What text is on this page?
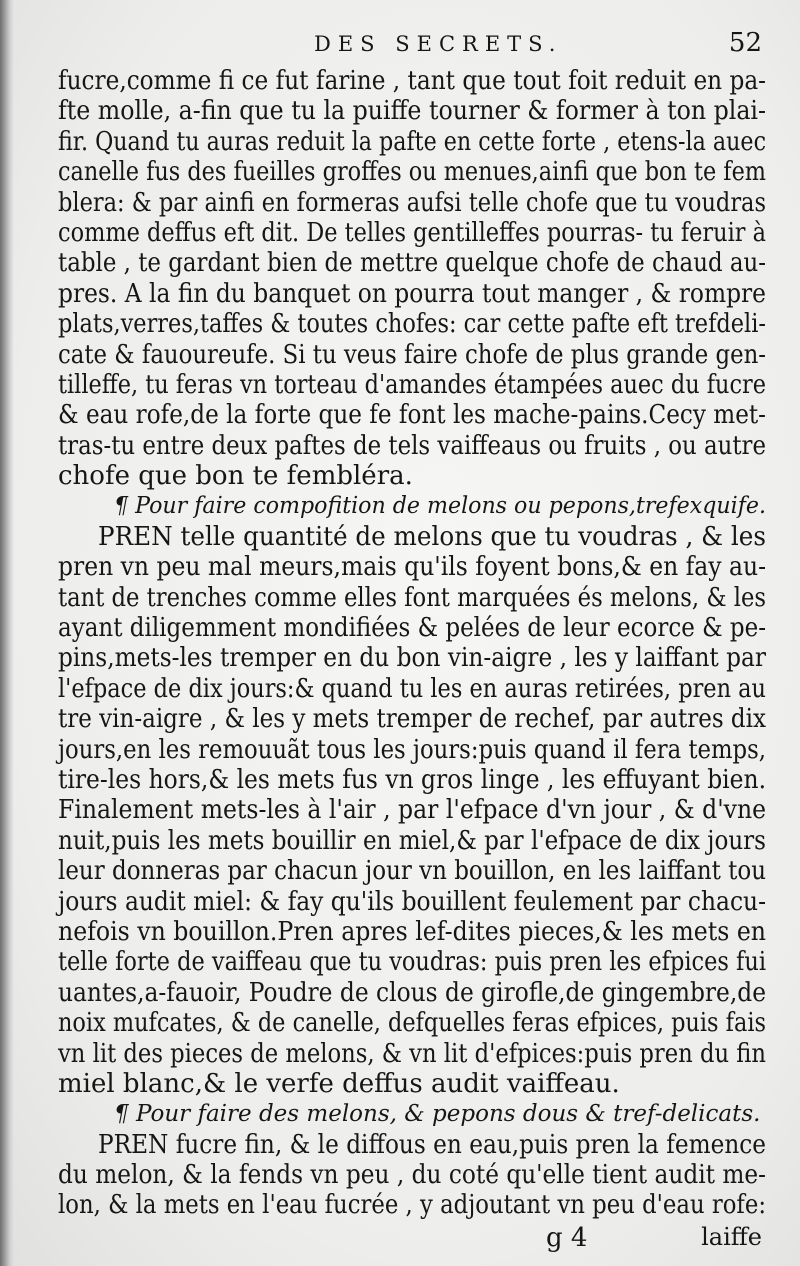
DES SECRETS.	52
fucre,comme fi ce fut farine , tant que tout foit reduit en pa-
fte molle, a-fin que tu la puiffe tourner & former à ton plai-
fir. Quand tu auras reduit la pafte en cette forte , etens-la auec
canelle fus des fueilles groffes ou menues,ainfi que bon te fem
blera: & par ainfi en formeras aufsi telle chofe que tu voudras
comme deffus eft dit. De telles gentilleffes pourras- tu feruir à
table , te gardant bien de mettre quelque chofe de chaud au-
pres. A la fin du banquet on pourra tout manger , & rompre
plats,verres,taffes & toutes chofes: car cette pafte eft trefdeli-
cate & fauoureufe. Si tu veus faire chofe de plus grande gen-
tilleffe, tu feras vn torteau d'amandes étampées auec du fucre
& eau rofe,de la forte que fe font les mache-pains.Cecy met-
tras-tu entre deux paftes de tels vaiffeaus ou fruits , ou autre
chofe que bon te fembléra.
¶ Pour faire compofition de melons ou pepons,trefexquife.
PREN telle quantité de melons que tu voudras , & les
pren vn peu mal meurs,mais qu'ils foyent bons,& en fay au-
tant de trenches comme elles font marquées és melons, & les
ayant diligemment mondifiées & pelées de leur ecorce & pe-
pins,mets-les tremper en du bon vin-aigre , les y laiffant par
l'efpace de dix jours:& quand tu les en auras retirées, pren au
tre vin-aigre , & les y mets tremper de rechef, par autres dix
jours,en les remouuãt tous les jours:puis quand il fera temps,
tire-les hors,& les mets fus vn gros linge , les effuyant bien.
Finalement mets-les à l'air , par l'efpace d'vn jour , & d'vne
nuit,puis les mets bouillir en miel,& par l'efpace de dix jours
leur donneras par chacun jour vn bouillon, en les laiffant tou
jours audit miel: & fay qu'ils bouillent feulement par chacu-
nefois vn bouillon.Pren apres lef-dites pieces,& les mets en
telle forte de vaiffeau que tu voudras: puis pren les efpices fui
uantes,a-fauoir, Poudre de clous de girofle,de gingembre,de
noix mufcates, & de canelle, defquelles feras efpices, puis fais
vn lit des pieces de melons, & vn lit d'efpices:puis pren du fin
miel blanc,& le verfe deffus audit vaiffeau.
¶ Pour faire des melons, & pepons dous & tref-delicats.
PREN fucre fin, & le diffous en eau,puis pren la femence
du melon, & la fends vn peu , du coté qu'elle tient audit me-
lon, & la mets en l'eau fucrée , y adjoutant vn peu d'eau rofe:
g 4	laiffe
